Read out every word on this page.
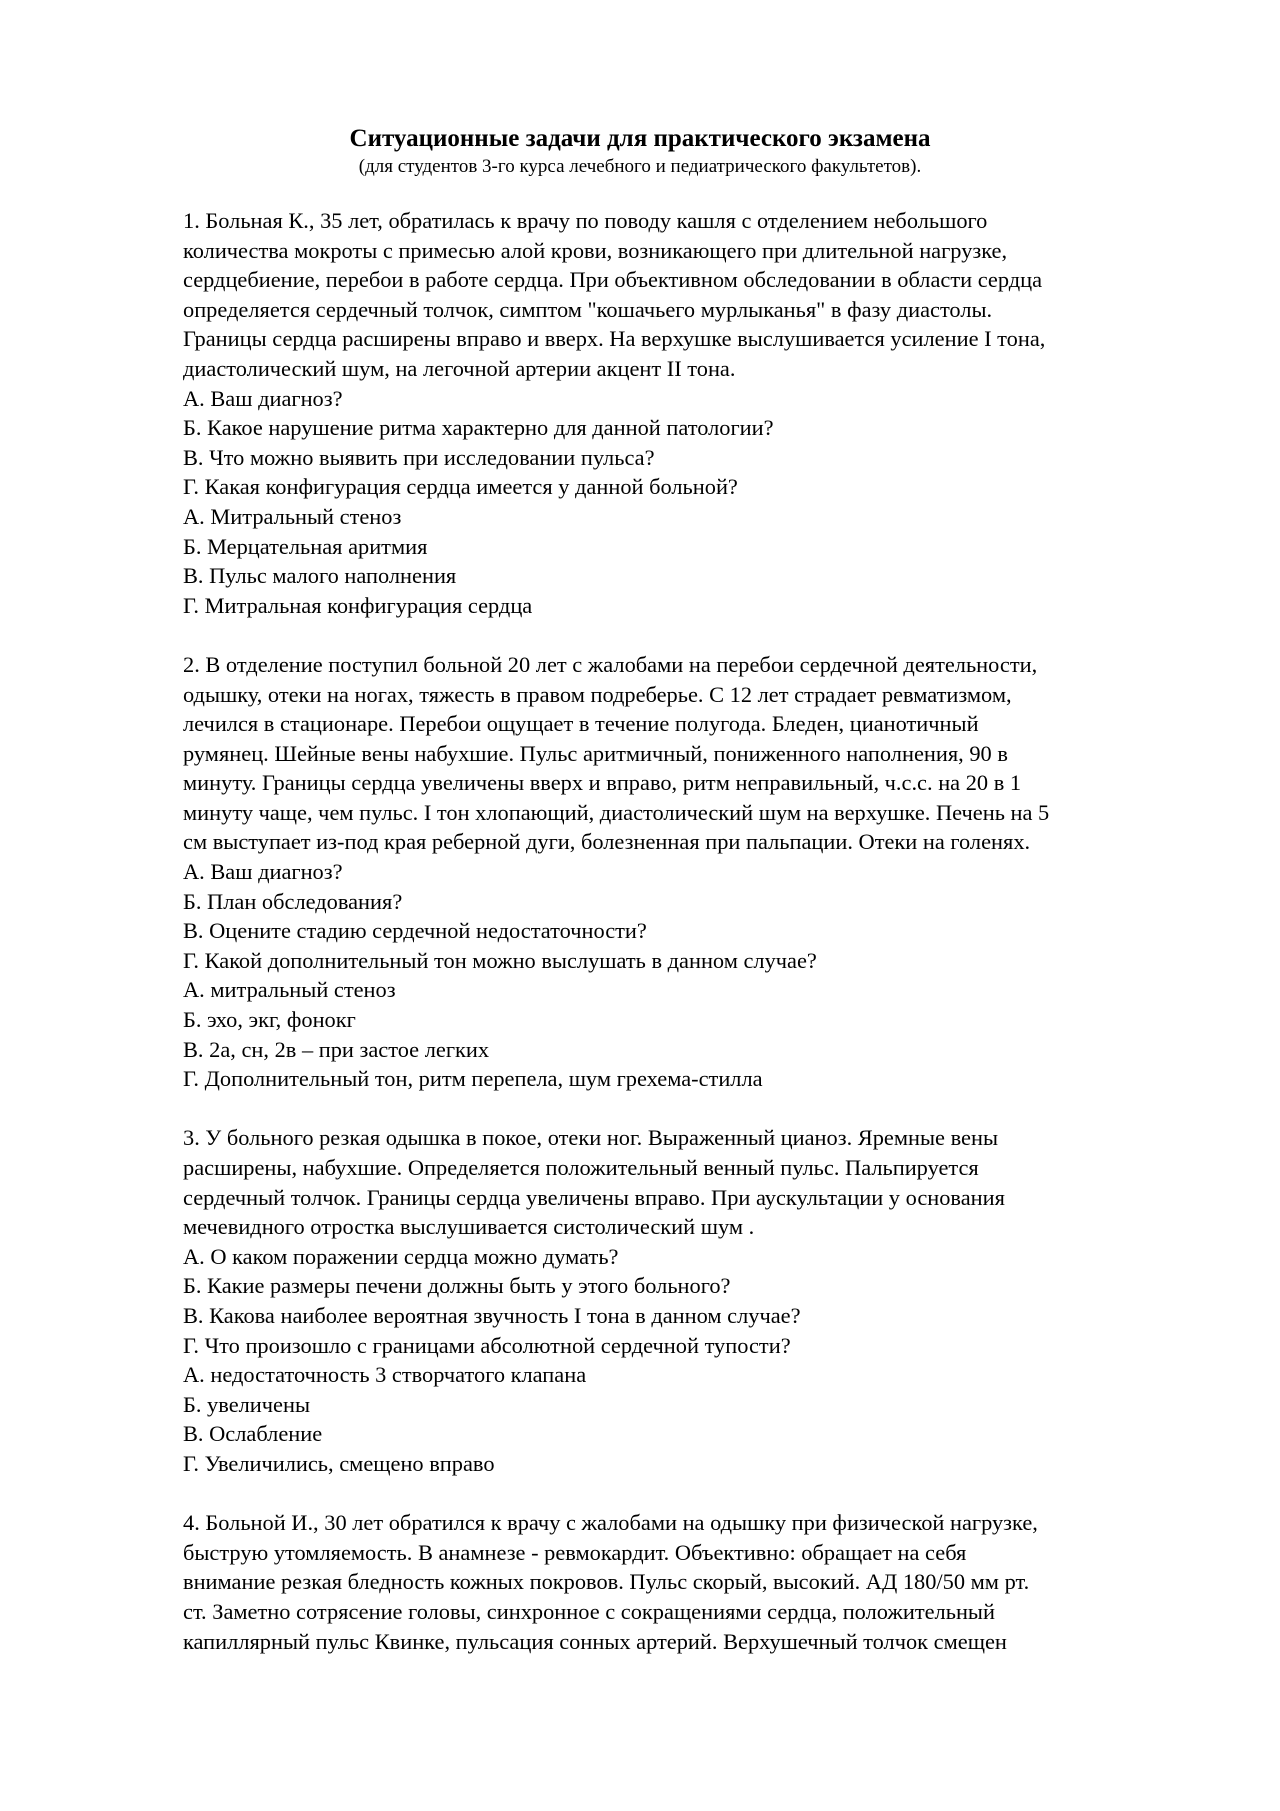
Ситуационные задачи для практического экзамена

(для студентов 3-го курса лечебного и педиатрического факультетов).

1. Больная К., 35 лет, обратилась к врачу по поводу кашля с отделением небольшого
количества мокроты с примесью алой крови, возникающего при длительной нагрузке,
сердцебиение, перебои в работе сердца. При объективном обследовании в области сердца
определяется сердечный толчок, симптом "кошачьего мурлыканья" в фазу диастолы.
Границы сердца расширены вправо и вверх. На верхушке выслушивается усиление I тона,
диастолический шум, на легочной артерии акцент II тона.
А. Ваш диагноз?
Б. Какое нарушение ритма характерно для данной патологии?
В. Что можно выявить при исследовании пульса?
Г. Какая конфигурация сердца имеется у данной больной?
А. Митральный стеноз
Б. Мерцательная аритмия
В. Пульс малого наполнения
Г. Митральная конфигурация сердца
2. В отделение поступил больной 20 лет с жалобами на перебои сердечной деятельности,
одышку, отеки на ногах, тяжесть в правом подреберье. С 12 лет страдает ревматизмом,
лечился в стационаре. Перебои ощущает в течение полугода. Бледен, цианотичный
румянец. Шейные вены набухшие. Пульс аритмичный, пониженного наполнения, 90 в
минуту. Границы сердца увеличены вверх и вправо, ритм неправильный, ч.с.с. на 20 в 1
минуту чаще, чем пульс. I тон хлопающий, диастолический шум на верхушке. Печень на 5
см выступает из-под края реберной дуги, болезненная при пальпации. Отеки на голенях.
А. Ваш диагноз?
Б. План обследования?
В. Оцените стадию сердечной недостаточности?
Г. Какой дополнительный тон можно выслушать в данном случае?
А. митральный стеноз
Б. эхо, экг, фонокг
В. 2а, сн, 2в – при застое легких
Г. Дополнительный тон, ритм перепела, шум грехема-стилла
3. У больного резкая одышка в покое, отеки ног. Выраженный цианоз. Яремные вены
расширены, набухшие. Определяется положительный венный пульс. Пальпируется
сердечный толчок. Границы сердца увеличены вправо. При аускультации у основания
мечевидного отростка выслушивается систолический шум .
А. О каком поражении сердца можно думать?
Б. Какие размеры печени должны быть у этого больного?
В. Какова наиболее вероятная звучность I тона в данном случае?
Г. Что произошло с границами абсолютной сердечной тупости?
А. недостаточность 3 створчатого клапана
Б. увеличены
В. Ослабление
Г. Увеличились, смещено вправо
4. Больной И., 30 лет обратился к врачу с жалобами на одышку при физической нагрузке,
быструю утомляемость. В анамнезе - ревмокардит. Объективно: обращает на себя
внимание резкая бледность кожных покровов. Пульс скорый, высокий. АД 180/50 мм рт.
ст. Заметно сотрясение головы, синхронное с сокращениями сердца, положительный
капиллярный пульс Квинке, пульсация сонных артерий. Верхушечный толчок смещен
